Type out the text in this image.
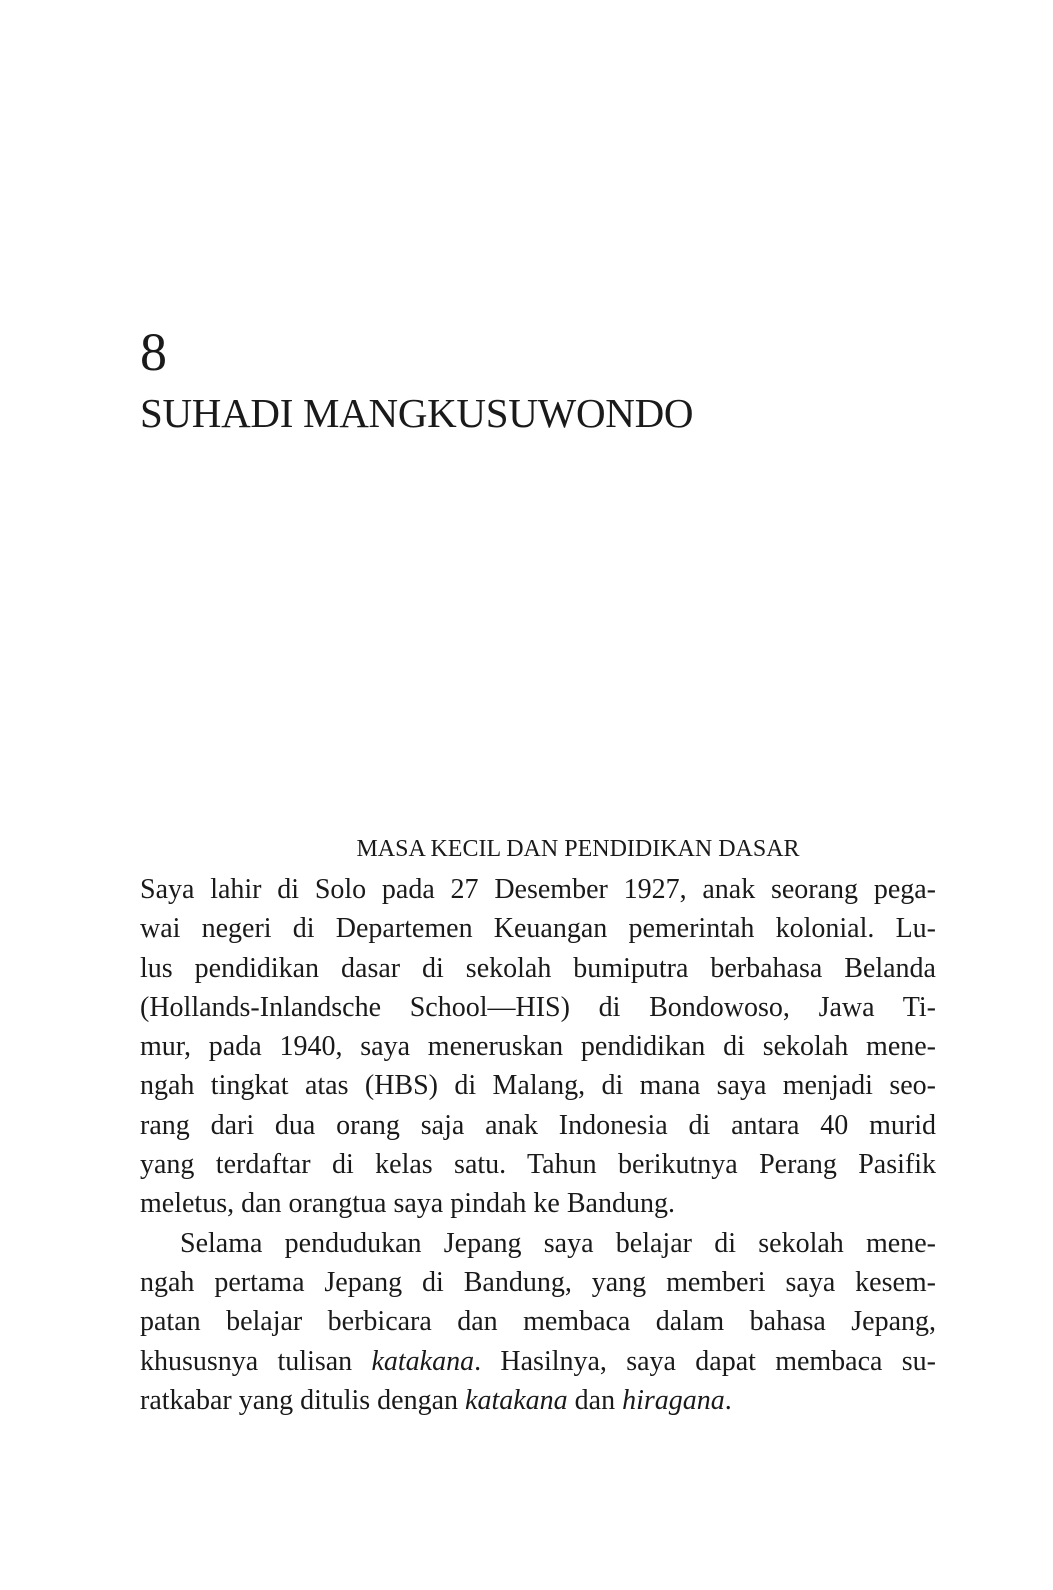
8
SUHADI MANGKUSUWONDO
MASA KECIL DAN PENDIDIKAN DASAR
Saya lahir di Solo pada 27 Desember 1927, anak seorang pega-
wai negeri di Departemen Keuangan pemerintah kolonial. Lu-
lus pendidikan dasar di sekolah bumiputra berbahasa Belanda
(Hollands-Inlandsche School—HIS) di Bondowoso, Jawa Ti-
mur, pada 1940, saya meneruskan pendidikan di sekolah mene-
ngah tingkat atas (HBS) di Malang, di mana saya menjadi seo-
rang dari dua orang saja anak Indonesia di antara 40 murid
yang terdaftar di kelas satu. Tahun berikutnya Perang Pasifik
meletus, dan orangtua saya pindah ke Bandung.
Selama pendudukan Jepang saya belajar di sekolah mene-
ngah pertama Jepang di Bandung, yang memberi saya kesem-
patan belajar berbicara dan membaca dalam bahasa Jepang,
khususnya tulisan katakana. Hasilnya, saya dapat membaca su-
ratkabar yang ditulis dengan katakana dan hiragana.
